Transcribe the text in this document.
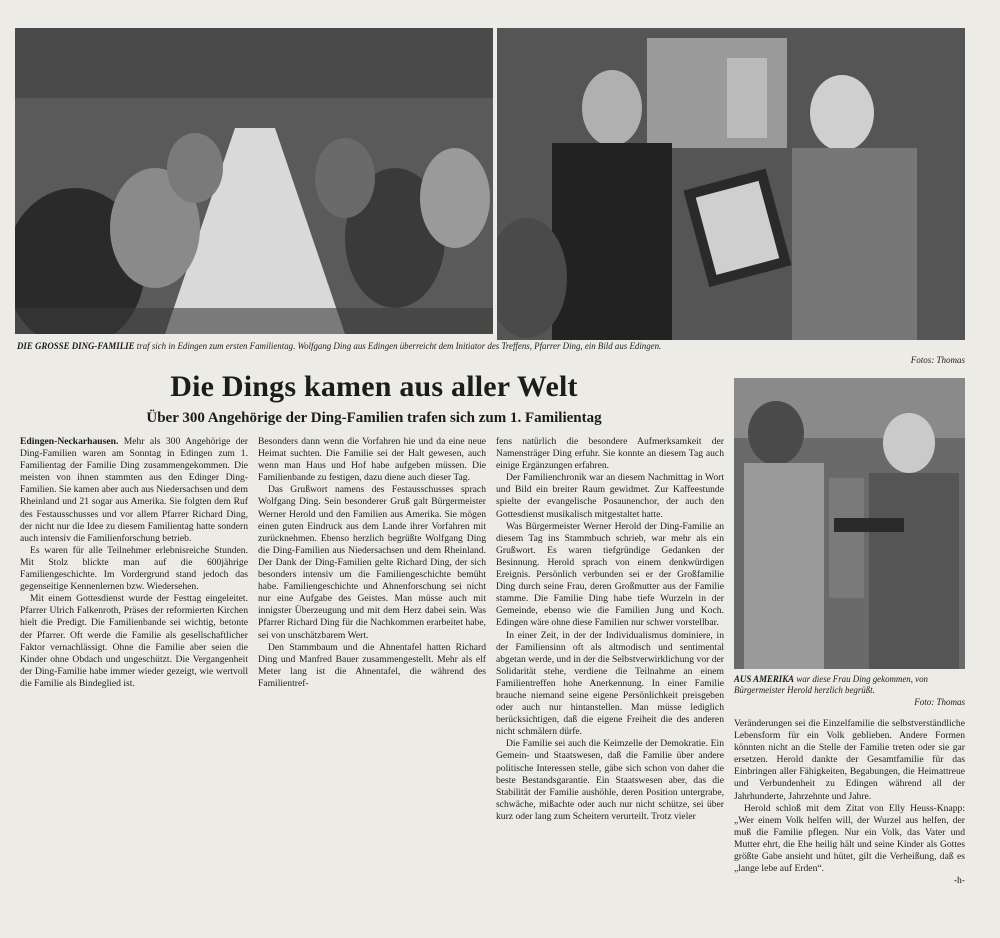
DIE GROSSE DING-FAMILIE traf sich in Edingen zum ersten Familientag. Wolfgang Ding aus Edingen überreicht dem Initiator des Treffens, Pfarrer Ding, ein Bild aus Edingen.
Fotos: Thomas
Die Dings kamen aus aller Welt
Über 300 Angehörige der Ding-Familien trafen sich zum 1. Familientag

Edingen-Neckarhausen. Mehr als 300 Angehörige der Ding-Familien waren am Sonntag in Edingen zum 1. Familientag der Familie Ding zusammengekommen. Die meisten von ihnen stammten aus den Edinger Ding-Familien. Sie kamen aber auch aus Niedersachsen und dem Rheinland und 21 sogar aus Amerika. Sie folgten dem Ruf des Festausschusses und vor allem Pfarrer Richard Ding, der nicht nur die Idee zu diesem Familientag hatte sondern auch intensiv die Familienforschung betrieb.

Es waren für alle Teilnehmer erlebnisreiche Stunden. Mit Stolz blickte man auf die 600jährige Familiengeschichte. Im Vordergrund stand jedoch das gegenseitige Kennenlernen bzw. Wiedersehen.

Mit einem Gottesdienst wurde der Festtag eingeleitet. Pfarrer Ulrich Falkenroth, Präses der reformierten Kirchen hielt die Predigt. Die Familienbande sei wichtig, betonte der Pfarrer. Oft werde die Familie als gesellschaftlicher Faktor vernachlässigt. Ohne die Familie aber seien die Kinder ohne Obdach und ungeschützt. Die Vergangenheit der Ding-Familie habe immer wieder gezeigt, wie wertvoll die Familie als Bindeglied ist.

Besonders dann wenn die Vorfahren hie und da eine neue Heimat suchten. Die Familie sei der Halt gewesen, auch wenn man Haus und Hof habe aufgeben müssen. Die Familienbande zu festigen, dazu diene auch dieser Tag.

Das Grußwort namens des Festausschusses sprach Wolfgang Ding. Sein besonderer Gruß galt Bürgermeister Werner Herold und den Familien aus Amerika. Sie mögen einen guten Eindruck aus dem Lande ihrer Vorfahren mit zurücknehmen. Ebenso herzlich begrüßte Wolfgang Ding die Ding-Familien aus Niedersachsen und dem Rheinland. Der Dank der Ding-Familien gelte Richard Ding, der sich besonders intensiv um die Familiengeschichte bemüht habe. Familiengeschichte und Ahnenforschung sei nicht nur eine Aufgabe des Geistes. Man müsse auch mit innigster Überzeugung und mit dem Herz dabei sein. Was Pfarrer Richard Ding für die Nachkommen erarbeitet habe, sei von unschätzbarem Wert.

Den Stammbaum und die Ahnentafel hatten Richard Ding und Manfred Bauer zusammengestellt. Mehr als elf Meter lang ist die Ahnentafel, die während des Familientref-

fens natürlich die besondere Aufmerksamkeit der Namensträger Ding erfuhr. Sie konnte an diesem Tag auch einige Ergänzungen erfahren.

Der Familienchronik war an diesem Nachmittag in Wort und Bild ein breiter Raum gewidmet. Zur Kaffeestunde spielte der evangelische Posaunenchor, der auch den Gottesdienst musikalisch mitgestaltet hatte.

Was Bürgermeister Werner Herold der Ding-Familie an diesem Tag ins Stammbuch schrieb, war mehr als ein Grußwort. Es waren tiefgründige Gedanken der Besinnung. Herold sprach von einem denkwürdigen Ereignis. Persönlich verbunden sei er der Großfamilie Ding durch seine Frau, deren Großmutter aus der Familie stamme. Die Familie Ding habe tiefe Wurzeln in der Gemeinde, ebenso wie die Familien Jung und Koch. Edingen wäre ohne diese Familien nur schwer vorstellbar.

In einer Zeit, in der der Individualismus dominiere, in der Familiensinn oft als altmodisch und sentimental abgetan werde, und in der die Selbstverwirklichung vor der Solidarität stehe, verdiene die Teilnahme an einem Familientreffen hohe Anerkennung. In einer Familie brauche niemand seine eigene Persönlichkeit preisgeben oder auch nur hintanstellen. Man müsse lediglich berücksichtigen, daß die eigene Freiheit die des anderen nicht schmälern dürfe.

Die Familie sei auch die Keimzelle der Demokratie. Ein Gemein- und Staatswesen, daß die Familie über andere politische Interessen stelle, gäbe sich schon von daher die beste Bestandsgarantie. Ein Staatswesen aber, das die Stabilität der Familie aushöhle, deren Position untergrabe, schwäche, mißachte oder auch nur nicht schütze, sei über kurz oder lang zum Scheitern verurteilt. Trotz vieler

AUS AMERIKA war diese Frau Ding gekommen, von Bürgermeister Herold herzlich begrüßt.
Foto: Thomas

Veränderungen sei die Einzelfamilie die selbstverständliche Lebensform für ein Volk geblieben. Andere Formen könnten nicht an die Stelle der Familie treten oder sie gar ersetzen. Herold dankte der Gesamtfamilie für das Einbringen aller Fähigkeiten, Begabungen, die Heimattreue und Verbundenheit zu Edingen während all der Jahrhunderte, Jahrzehnte und Jahre.

Herold schloß mit dem Zitat von Elly Heuss-Knapp: „Wer einem Volk helfen will, der Wurzel aus helfen, der muß die Familie pflegen. Nur ein Volk, das Vater und Mutter ehrt, die Ehe heilig hält und seine Kinder als Gottes größte Gabe ansieht und hütet, gilt die Verheißung, daß es „lange lebe auf Erden“.

-h-
